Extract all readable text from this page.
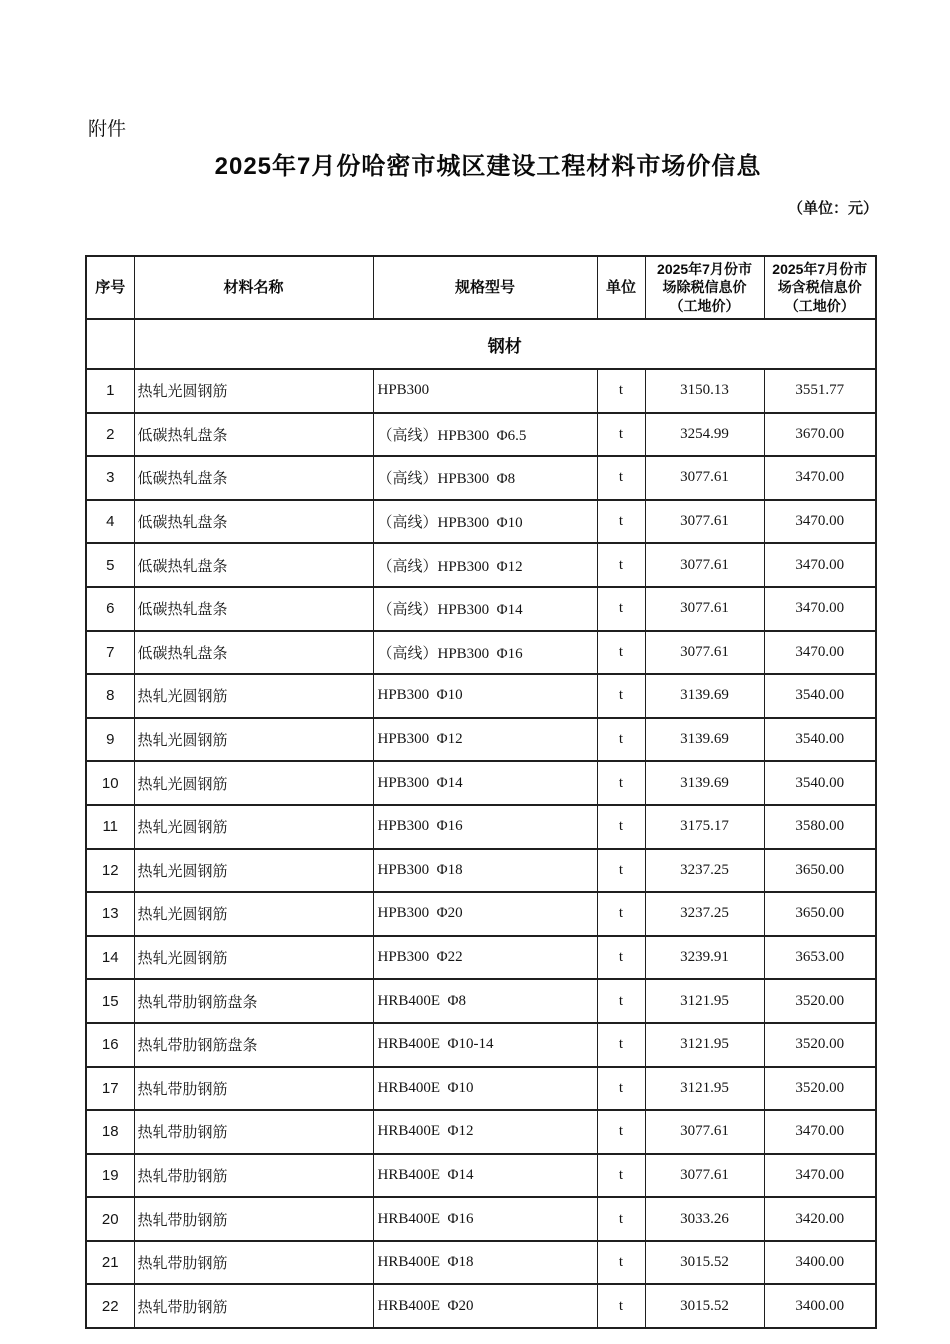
附件
2025年7月份哈密市城区建设工程材料市场价信息
（单位：元）
序号	材料名称	规格型号	单位	2025年7月份市场除税信息价（工地价）	2025年7月份市场含税信息价（工地价）
	钢材				
1	热轧光圆钢筋	HPB300	t	3150.13	3551.77
2	低碳热轧盘条	（高线）HPB300  Φ6.5	t	3254.99	3670.00
3	低碳热轧盘条	（高线）HPB300  Φ8	t	3077.61	3470.00
4	低碳热轧盘条	（高线）HPB300  Φ10	t	3077.61	3470.00
5	低碳热轧盘条	（高线）HPB300  Φ12	t	3077.61	3470.00
6	低碳热轧盘条	（高线）HPB300  Φ14	t	3077.61	3470.00
7	低碳热轧盘条	（高线）HPB300  Φ16	t	3077.61	3470.00
8	热轧光圆钢筋	HPB300  Φ10	t	3139.69	3540.00
9	热轧光圆钢筋	HPB300  Φ12	t	3139.69	3540.00
10	热轧光圆钢筋	HPB300  Φ14	t	3139.69	3540.00
11	热轧光圆钢筋	HPB300  Φ16	t	3175.17	3580.00
12	热轧光圆钢筋	HPB300  Φ18	t	3237.25	3650.00
13	热轧光圆钢筋	HPB300  Φ20	t	3237.25	3650.00
14	热轧光圆钢筋	HPB300  Φ22	t	3239.91	3653.00
15	热轧带肋钢筋盘条	HRB400E  Φ8	t	3121.95	3520.00
16	热轧带肋钢筋盘条	HRB400E  Φ10-14	t	3121.95	3520.00
17	热轧带肋钢筋	HRB400E  Φ10	t	3121.95	3520.00
18	热轧带肋钢筋	HRB400E  Φ12	t	3077.61	3470.00
19	热轧带肋钢筋	HRB400E  Φ14	t	3077.61	3470.00
20	热轧带肋钢筋	HRB400E  Φ16	t	3033.26	3420.00
21	热轧带肋钢筋	HRB400E  Φ18	t	3015.52	3400.00
22	热轧带肋钢筋	HRB400E  Φ20	t	3015.52	3400.00
